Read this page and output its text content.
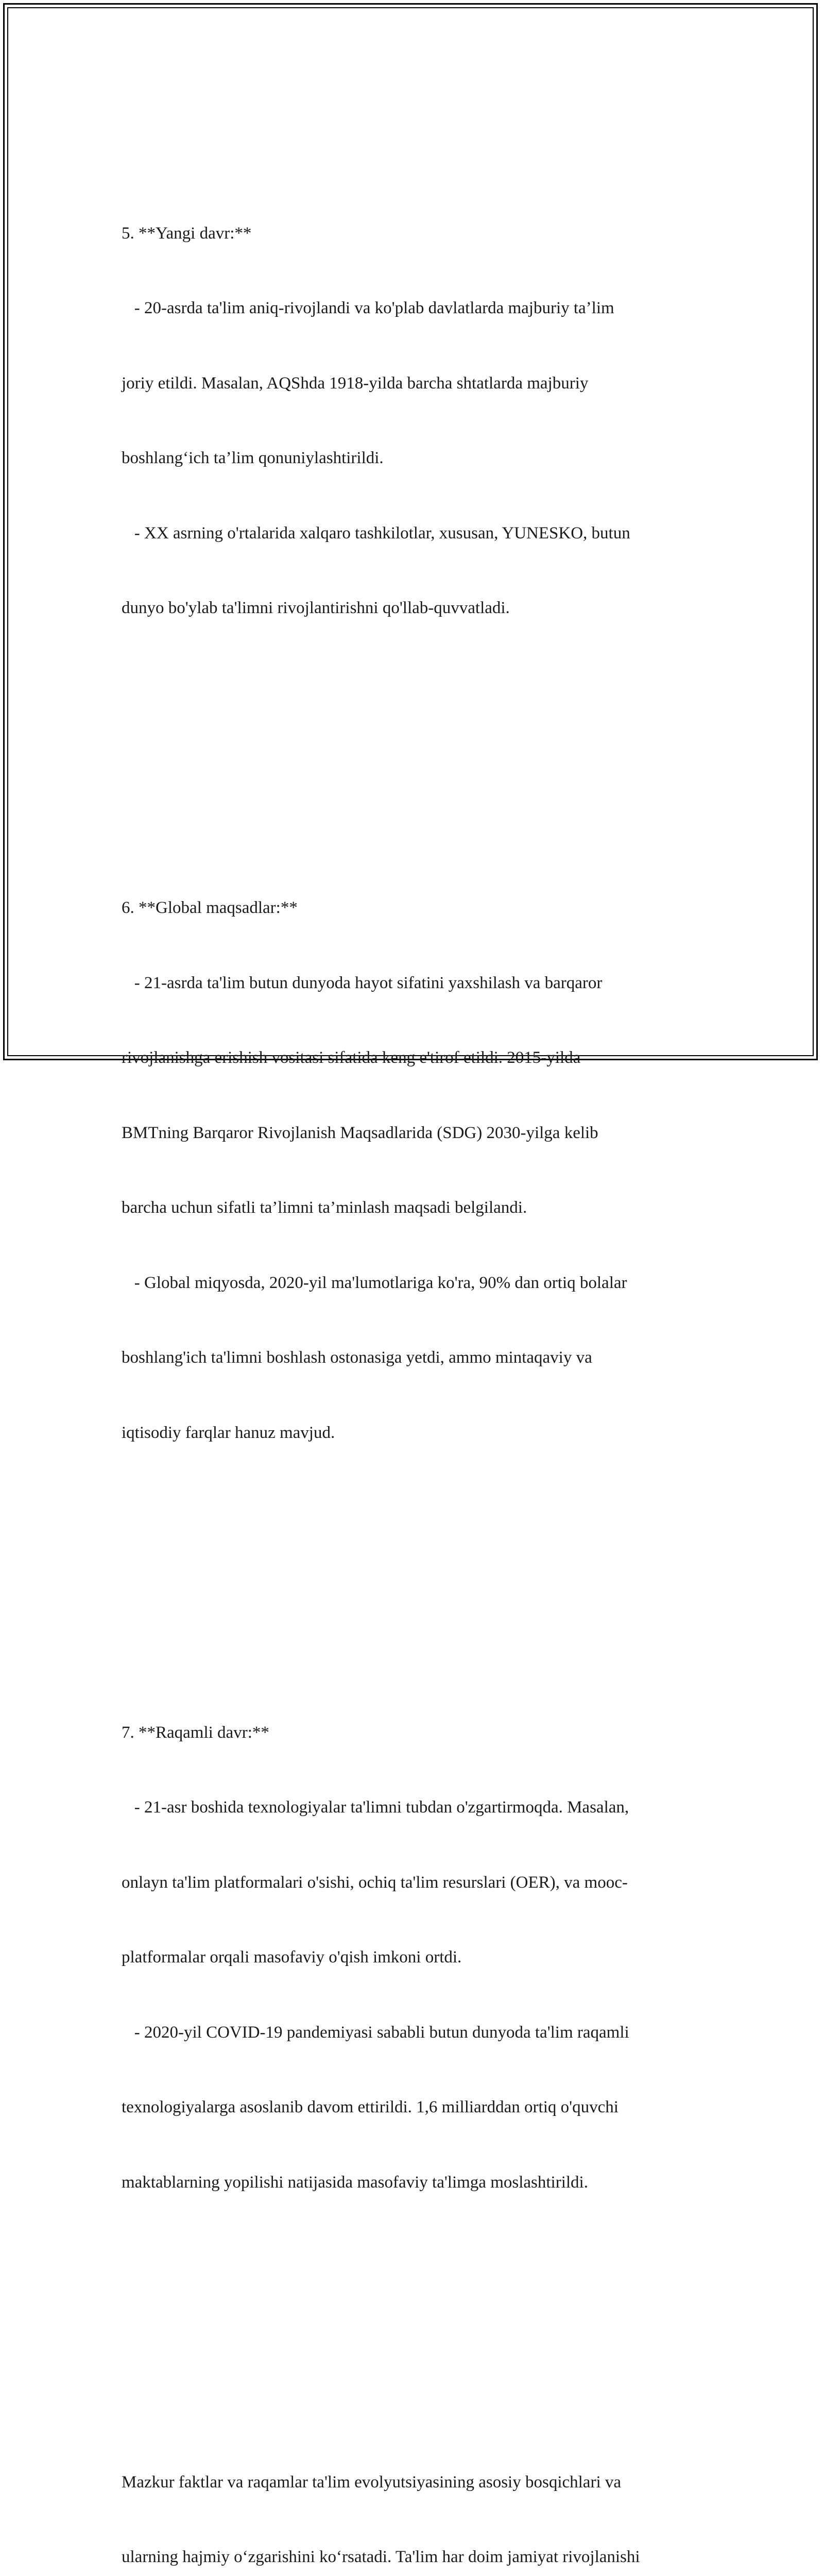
5. **Yangi davr:**

- 20-asrda ta'lim aniq-rivojlandi va ko'plab davlatlarda majburiy ta’lim

joriy etildi. Masalan, AQShda 1918-yilda barcha shtatlarda majburiy

boshlang‘ich ta’lim qonuniylashtirildi.

- XX asrning o'rtalarida xalqaro tashkilotlar, xususan, YUNESKO, butun

dunyo bo'ylab ta'limni rivojlantirishni qo'llab-quvvatladi.

6. **Global maqsadlar:**

- 21-asrda ta'lim butun dunyoda hayot sifatini yaxshilash va barqaror

rivojlanishga erishish vositasi sifatida keng e'tirof etildi. 2015-yilda

BMTning Barqaror Rivojlanish Maqsadlarida (SDG) 2030-yilga kelib

barcha uchun sifatli ta’limni ta’minlash maqsadi belgilandi.

- Global miqyosda, 2020-yil ma'lumotlariga ko'ra, 90% dan ortiq bolalar

boshlang'ich ta'limni boshlash ostonasiga yetdi, ammo mintaqaviy va

iqtisodiy farqlar hanuz mavjud.

7. **Raqamli davr:**

- 21-asr boshida texnologiyalar ta'limni tubdan o'zgartirmoqda. Masalan,

onlayn ta'lim platformalari o'sishi, ochiq ta'lim resurslari (OER), va mooc-

platformalar orqali masofaviy o'qish imkoni ortdi.

- 2020-yil COVID-19 pandemiyasi sababli butun dunyoda ta'lim raqamli

texnologiyalarga asoslanib davom ettirildi. 1,6 milliarddan ortiq o'quvchi

maktablarning yopilishi natijasida masofaviy ta'limga moslashtirildi.

Mazkur faktlar va raqamlar ta'lim evolyutsiyasining asosiy bosqichlari va

ularning hajmiy o‘zgarishini ko‘rsatadi. Ta'lim har doim jamiyat rivojlanishi
